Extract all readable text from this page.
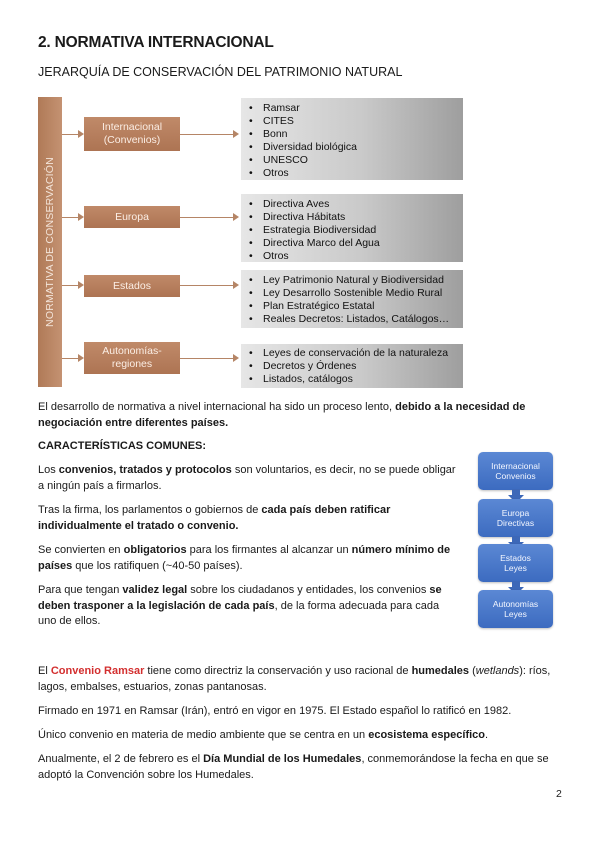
2. NORMATIVA INTERNACIONAL
JERARQUÍA DE CONSERVACIÓN DEL PATRIMONIO NATURAL
NORMATIVA DE CONSERVACIÓN
Internacional
(Convenios)
• Ramsar
• CITES
• Bonn
• Diversidad biológica
• UNESCO
• Otros
Europa
• Directiva Aves
• Directiva Hábitats
• Estrategia Biodiversidad
• Directiva Marco del Agua
• Otros
Estados
•	Ley Patrimonio Natural y Biodiversidad
• Ley Desarrollo Sostenible Medio Rural
• Plan Estratégico Estatal
• Reales Decretos: Listados, Catálogos…
Autonomías-
regiones
• Leyes de conservación de la naturaleza
• Decretos y Órdenes
• Listados, catálogos

El desarrollo de normativa a nivel internacional ha sido un proceso lento, debido a la necesidad de negociación entre diferentes países.

CARACTERÍSTICAS COMUNES:

Los convenios, tratados y protocolos son voluntarios, es decir, no se puede obligar a ningún país a firmarlos.

Tras la firma, los parlamentos o gobiernos de cada país deben ratificar individualmente el tratado o convenio.

Se convierten en obligatorios para los firmantes al alcanzar un número mínimo de países que los ratifiquen (~40-50 países).

Para que tengan validez legal sobre los ciudadanos y entidades, los convenios se deben trasponer a la legislación de cada país, de la forma adecuada para cada uno de ellos.

Internacional
Convenios
Europa
Directivas
Estados
Leyes
Autonomías
Leyes

El Convenio Ramsar tiene como directriz la conservación y uso racional de humedales (wetlands): ríos, lagos, embalses, estuarios, zonas pantanosas.

Firmado en 1971 en Ramsar (Irán), entró en vigor en 1975. El Estado español lo ratificó en 1982.

Único convenio en materia de medio ambiente que se centra en un ecosistema específico.

Anualmente, el 2 de febrero es el Día Mundial de los Humedales, conmemorándose la fecha en que se adoptó la Convención sobre los Humedales.

2
